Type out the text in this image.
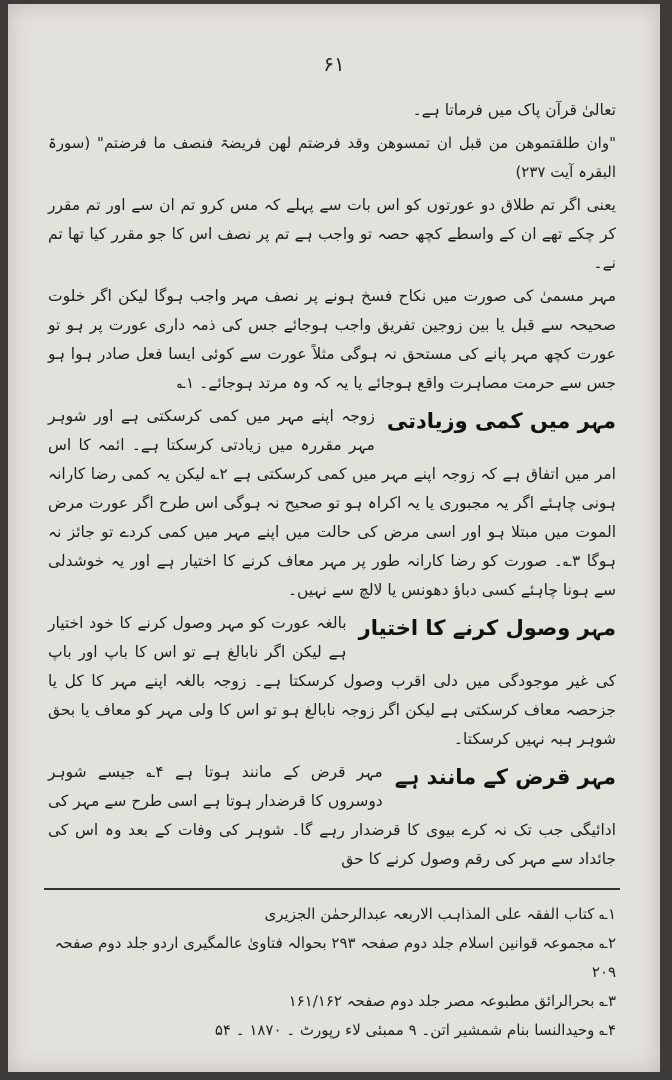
۶۱

تعالیٰ قرآن پاک میں فرماتا ہے۔

"وان طلقتموھن من قبل ان تمسوھن وقد فرضتم لھن فریضۃ فنصف ما فرضتم" (سورۃ البقرہ آیت ۲۳۷)

یعنی اگر تم طلاق دو عورتوں کو اس بات سے پہلے کہ مس کرو تم ان سے اور تم مقرر کر چکے تھے ان کے واسطے کچھ حصہ تو واجب ہے تم پر نصف اس کا جو مقرر کیا تھا تم نے۔

مہر مسمیٰ کی صورت میں نکاح فسخ ہونے پر نصف مہر واجب ہوگا لیکن اگر خلوت صحیحہ سے قبل یا بین زوجین تفریق واجب ہوجائے جس کی ذمہ داری عورت پر ہو تو عورت کچھ مہر پانے کی مستحق نہ ہوگی مثلاً عورت سے کوئی ایسا فعل صادر ہوا ہو جس سے حرمت مصاہرت واقع ہوجائے یا یہ کہ وہ مرتد ہوجائے۔ ۱؎

مہر میں کمی وزیادتی

زوجہ اپنے مہر میں کمی کرسکتی ہے اور شوہر مہر مقررہ میں زیادتی کرسکتا ہے۔ ائمہ کا اس امر میں اتفاق ہے کہ زوجہ اپنے مہر میں کمی کرسکتی ہے ۲؎ لیکن یہ کمی رضا کارانہ ہونی چاہئے اگر یہ مجبوری یا یہ اکراہ ہو تو صحیح نہ ہوگی اس طرح اگر عورت مرض الموت میں مبتلا ہو اور اسی مرض کی حالت میں اپنے مہر میں کمی کردے تو جائز نہ ہوگا ۳؎۔ صورت کو رضا کارانہ طور پر مہر معاف کرنے کا اختیار ہے اور یہ خوشدلی سے ہونا چاہئے کسی دباؤ دھونس یا لالچ سے نہیں۔

مہر وصول کرنے کا اختیار

بالغہ عورت کو مہر وصول کرنے کا خود اختیار ہے لیکن اگر نابالغ ہے تو اس کا باپ اور باپ کی غیر موجودگی میں دلی اقرب وصول کرسکتا ہے۔ زوجہ بالغہ اپنے مہر کا کل یا جزحصہ معاف کرسکتی ہے لیکن اگر زوجہ نابالغ ہو تو اس کا ولی مہر کو معاف یا بحق شوہر ہبہ نہیں کرسکتا۔

مہر قرض کے مانند ہے

مہر قرض کے مانند ہوتا ہے ۴؎ جیسے شوہر دوسروں کا قرضدار ہوتا ہے اسی طرح سے مہر کی ادائیگی جب تک نہ کرے بیوی کا قرضدار رہے گا۔ شوہر کی وفات کے بعد وہ اس کی جائداد سے مہر کی رقم وصول کرنے کا حق

۱؎ کتاب الفقہ علی المذاہب الاربعہ عبدالرحمٰن الجزیری

۲؎ مجموعہ قوانین اسلام جلد دوم صفحہ ۲۹۳ بحوالہ فتاویٰ عالمگیری اردو جلد دوم صفحہ ۲۰۹

۳؎ بحرالرائق مطبوعہ مصر جلد دوم صفحہ ۱۶۱/۱۶۲

۴؎ وحیدالنسا بنام شمشیر اتن۔ ۹ ممبئی لاء رپورٹ ۔ ۱۸۷۰ ۔ ۵۴
